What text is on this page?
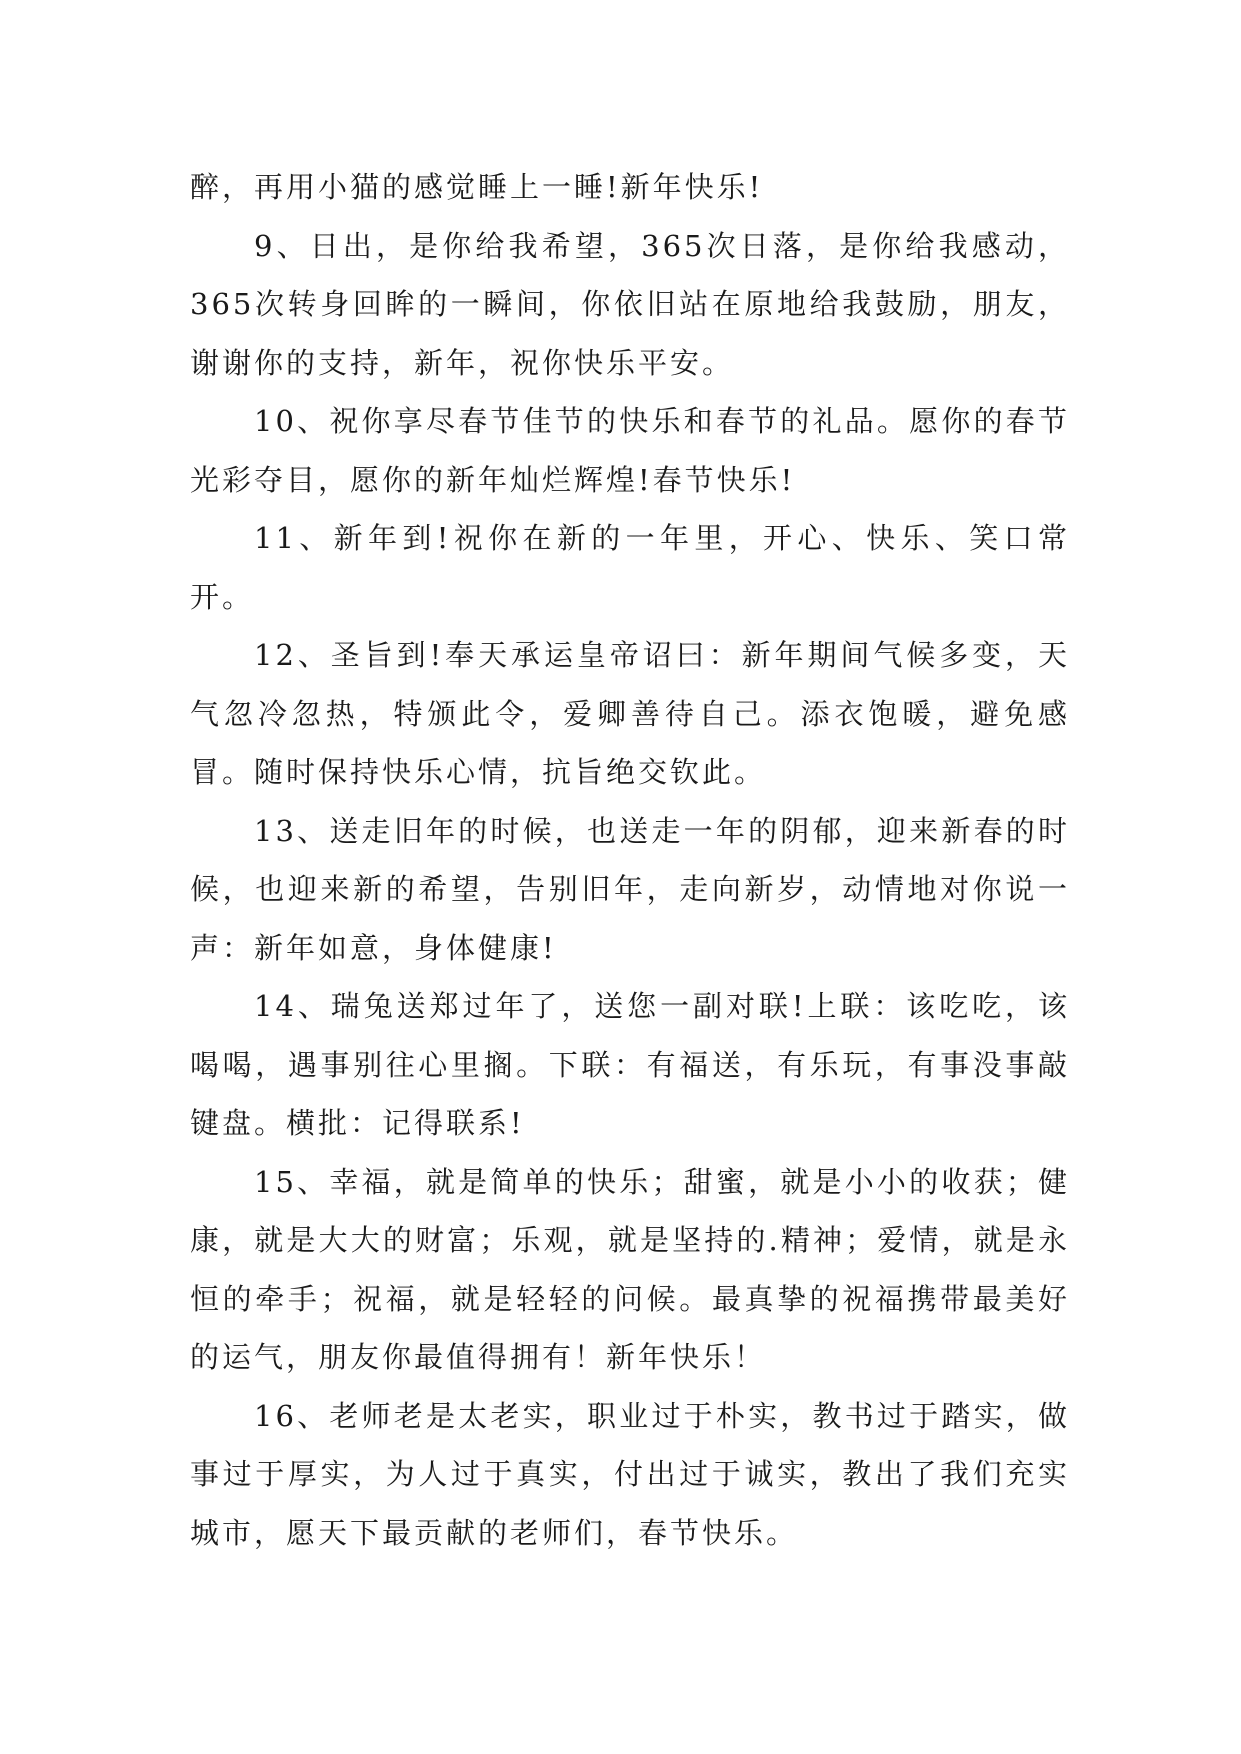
醉，再用小猫的感觉睡上一睡!新年快乐!

9、日出，是你给我希望，365次日落，是你给我感动，365次转身回眸的一瞬间，你依旧站在原地给我鼓励，朋友，谢谢你的支持，新年，祝你快乐平安。

10、祝你享尽春节佳节的快乐和春节的礼品。愿你的春节光彩夺目，愿你的新年灿烂辉煌!春节快乐!

11、新年到!祝你在新的一年里，开心、快乐、笑口常开。

12、圣旨到!奉天承运皇帝诏曰：新年期间气候多变，天气忽冷忽热，特颁此令，爱卿善待自己。添衣饱暖，避免感冒。随时保持快乐心情，抗旨绝交钦此。

13、送走旧年的时候，也送走一年的阴郁，迎来新春的时候，也迎来新的希望，告别旧年，走向新岁，动情地对你说一声：新年如意，身体健康!

14、瑞兔送郑过年了，送您一副对联!上联：该吃吃，该喝喝，遇事别往心里搁。下联：有福送，有乐玩，有事没事敲键盘。横批：记得联系!

15、幸福，就是简单的快乐；甜蜜，就是小小的收获；健康，就是大大的财富；乐观，就是坚持的.精神；爱情，就是永恒的牵手；祝福，就是轻轻的问候。最真挚的祝福携带最美好的运气，朋友你最值得拥有！新年快乐！

16、老师老是太老实，职业过于朴实，教书过于踏实，做事过于厚实，为人过于真实，付出过于诚实，教出了我们充实城市，愿天下最贡献的老师们，春节快乐。
